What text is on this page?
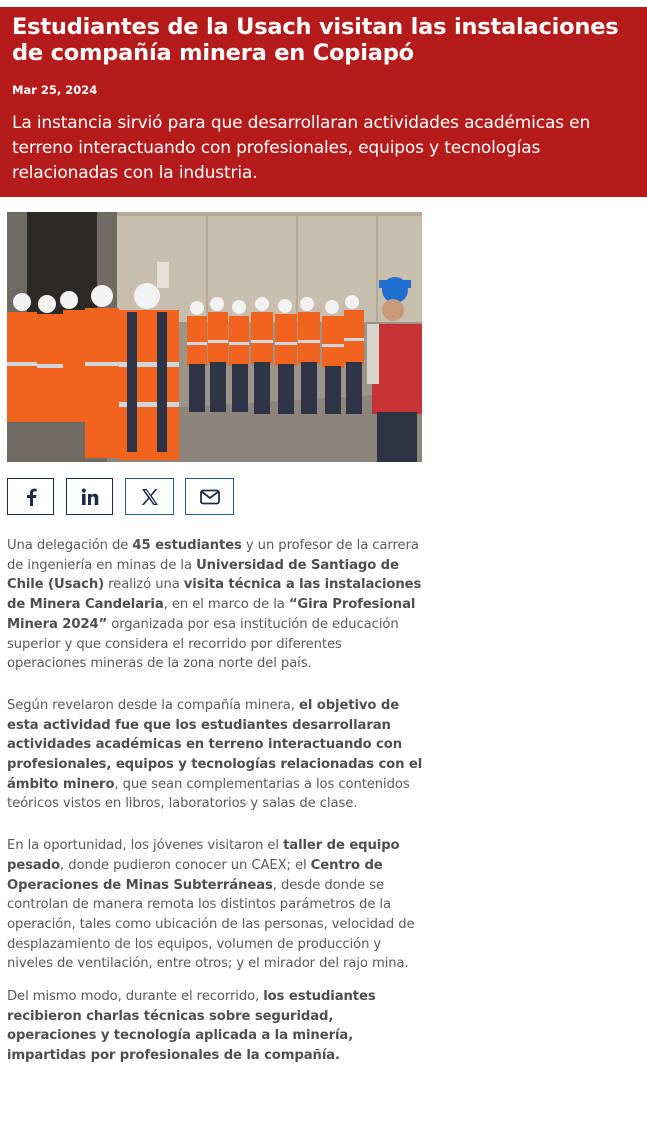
Estudiantes de la Usach visitan las instalaciones de compañía minera en Copiapó
Mar 25, 2024
La instancia sirvió para que desarrollaran actividades académicas en terreno interactuando con profesionales, equipos y tecnologías relacionadas con la industria.

Una delegación de 45 estudiantes y un profesor de la carrera de ingeniería en minas de la Universidad de Santiago de Chile (Usach) realizó una visita técnica a las instalaciones de Minera Candelaria, en el marco de la “Gira Profesional Minera 2024” organizada por esa institución de educación superior y que considera el recorrido por diferentes operaciones mineras de la zona norte del país.

Según revelaron desde la compañía minera, el objetivo de esta actividad fue que los estudiantes desarrollaran actividades académicas en terreno interactuando con profesionales, equipos y tecnologías relacionadas con el ámbito minero, que sean complementarias a los contenidos teóricos vistos en libros, laboratorios y salas de clase.

En la oportunidad, los jóvenes visitaron el taller de equipo pesado, donde pudieron conocer un CAEX; el Centro de Operaciones de Minas Subterráneas, desde donde se controlan de manera remota los distintos parámetros de la operación, tales como ubicación de las personas, velocidad de desplazamiento de los equipos, volumen de producción y niveles de ventilación, entre otros; y el mirador del rajo mina.

Del mismo modo, durante el recorrido, los estudiantes recibieron charlas técnicas sobre seguridad, operaciones y tecnología aplicada a la minería, impartidas por profesionales de la compañía.
